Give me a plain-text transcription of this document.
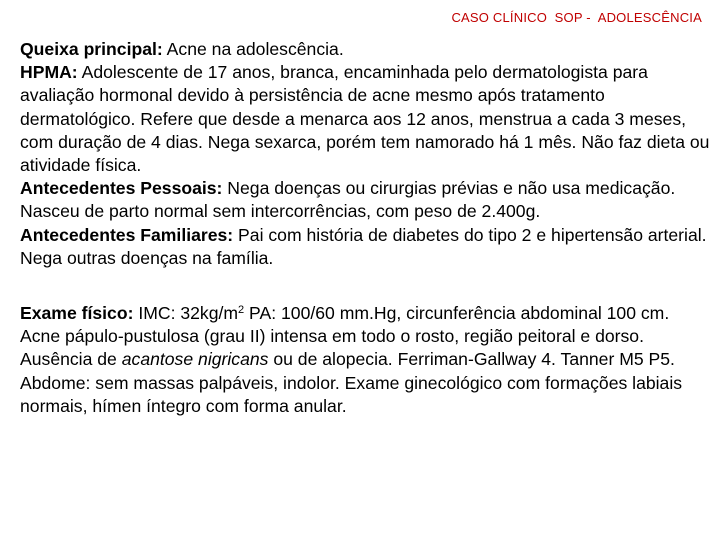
CASO CLÍNICO  SOP -  ADOLESCÊNCIA

Queixa principal: Acne na adolescência.

HPMA: Adolescente de 17 anos, branca, encaminhada pelo dermatologista para avaliação hormonal devido à persistência de acne mesmo após tratamento dermatológico. Refere que desde a menarca aos 12 anos, menstrua a cada 3 meses, com duração de 4 dias. Nega sexarca, porém tem namorado há 1 mês. Não faz dieta ou atividade física.

Antecedentes Pessoais: Nega doenças ou cirurgias prévias e não usa medicação. Nasceu de parto normal sem intercorrências, com peso de 2.400g.

Antecedentes Familiares: Pai com história de diabetes do tipo 2 e hipertensão arterial. Nega outras doenças na família.

Exame físico: IMC: $32kg/m^2$ PA: 100/60 mm.Hg, circunferência abdominal 100 cm.

Acne pápulo-pustulosa (grau II) intensa em todo o rosto, região peitoral e dorso. Ausência de acantose nigricans ou de alopecia. Ferriman-Gallway 4. Tanner M5 P5.

Abdome: sem massas palpáveis, indolor. Exame ginecológico com formações labiais normais, hímen íntegro com forma anular.
